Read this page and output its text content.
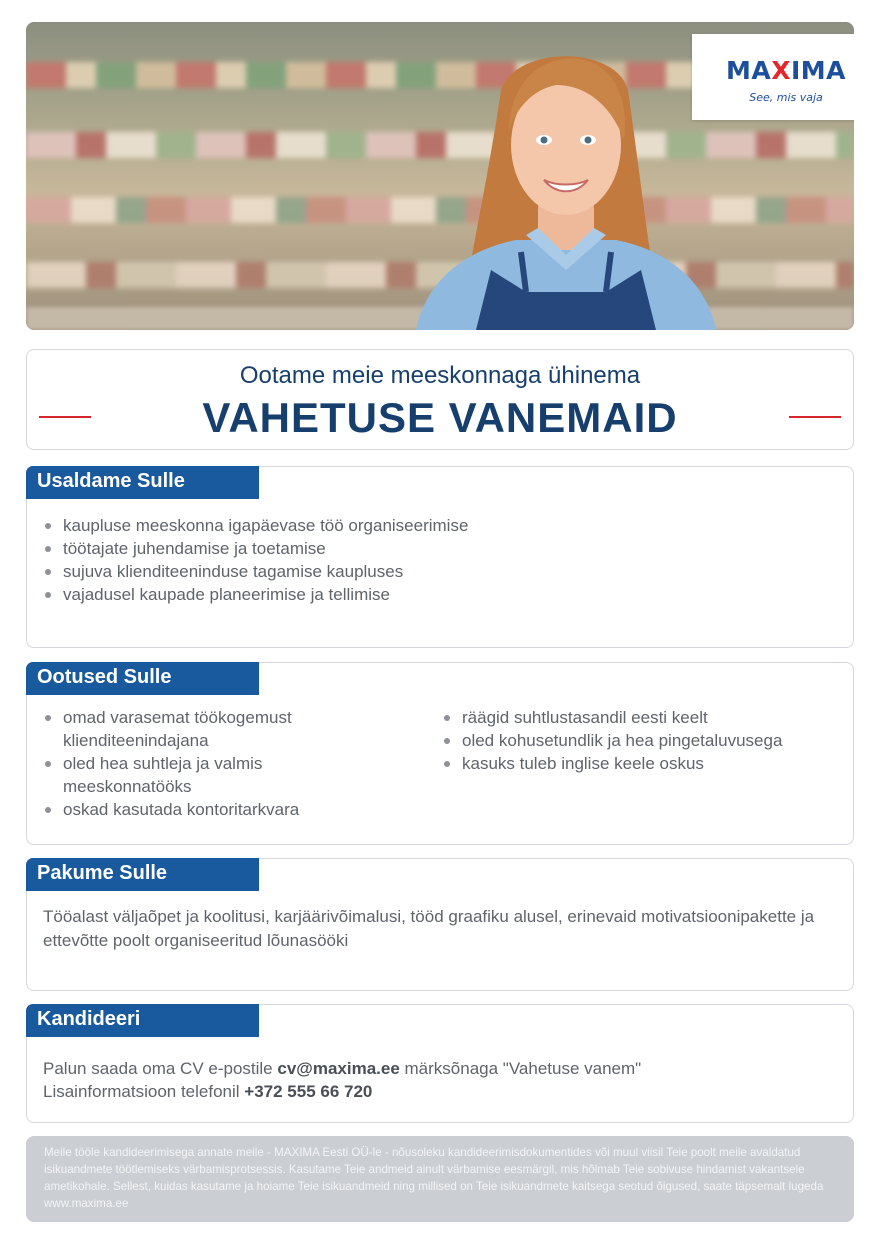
MAXIMA
See, mis vaja
Ootame meie meeskonnaga ühinema
VAHETUSE VANEMAID
Usaldame Sulle
kaupluse meeskonna igapäevase töö organiseerimise
töötajate juhendamise ja toetamise
sujuva klienditeeninduse tagamise kaupluses
vajadusel kaupade planeerimise ja tellimise
Ootused Sulle
omad varasemat töökogemust klienditeenindajana
oled hea suhtleja ja valmis meeskonnatööks
oskad kasutada kontoritarkvara
räägid suhtlustasandil eesti keelt
oled kohusetundlik ja hea pingetaluvusega
kasuks tuleb inglise keele oskus
Pakume Sulle
Tööalast väljaõpet ja koolitusi, karjäärivõimalusi, tööd graafiku alusel, erinevaid motivatsioonipakette ja ettevõtte poolt organiseeritud lõunasööki
Kandideeri
Palun saada oma CV e-postile cv@maxima.ee märksõnaga "Vahetuse vanem"
Lisainformatsioon telefonil +372 555 66 720
Meile tööle kandideerimisega annate meile - MAXIMA Eesti OÜ-le - nõusoleku kandideerimisdokumentides või muul viisil Teie poolt meile avaldatud isikuandmete töötlemiseks värbamisprotsessis. Kasutame Teie andmeid ainult värbamise eesmärgil, mis hõlmab Teie sobivuse hindamist vakantsele ametikohale. Sellest, kuidas kasutame ja hoiame Teie isikuandmeid ning millised on Teie isikuandmete kaitsega seotud õigused, saate täpsemalt lugeda www.maxima.ee
